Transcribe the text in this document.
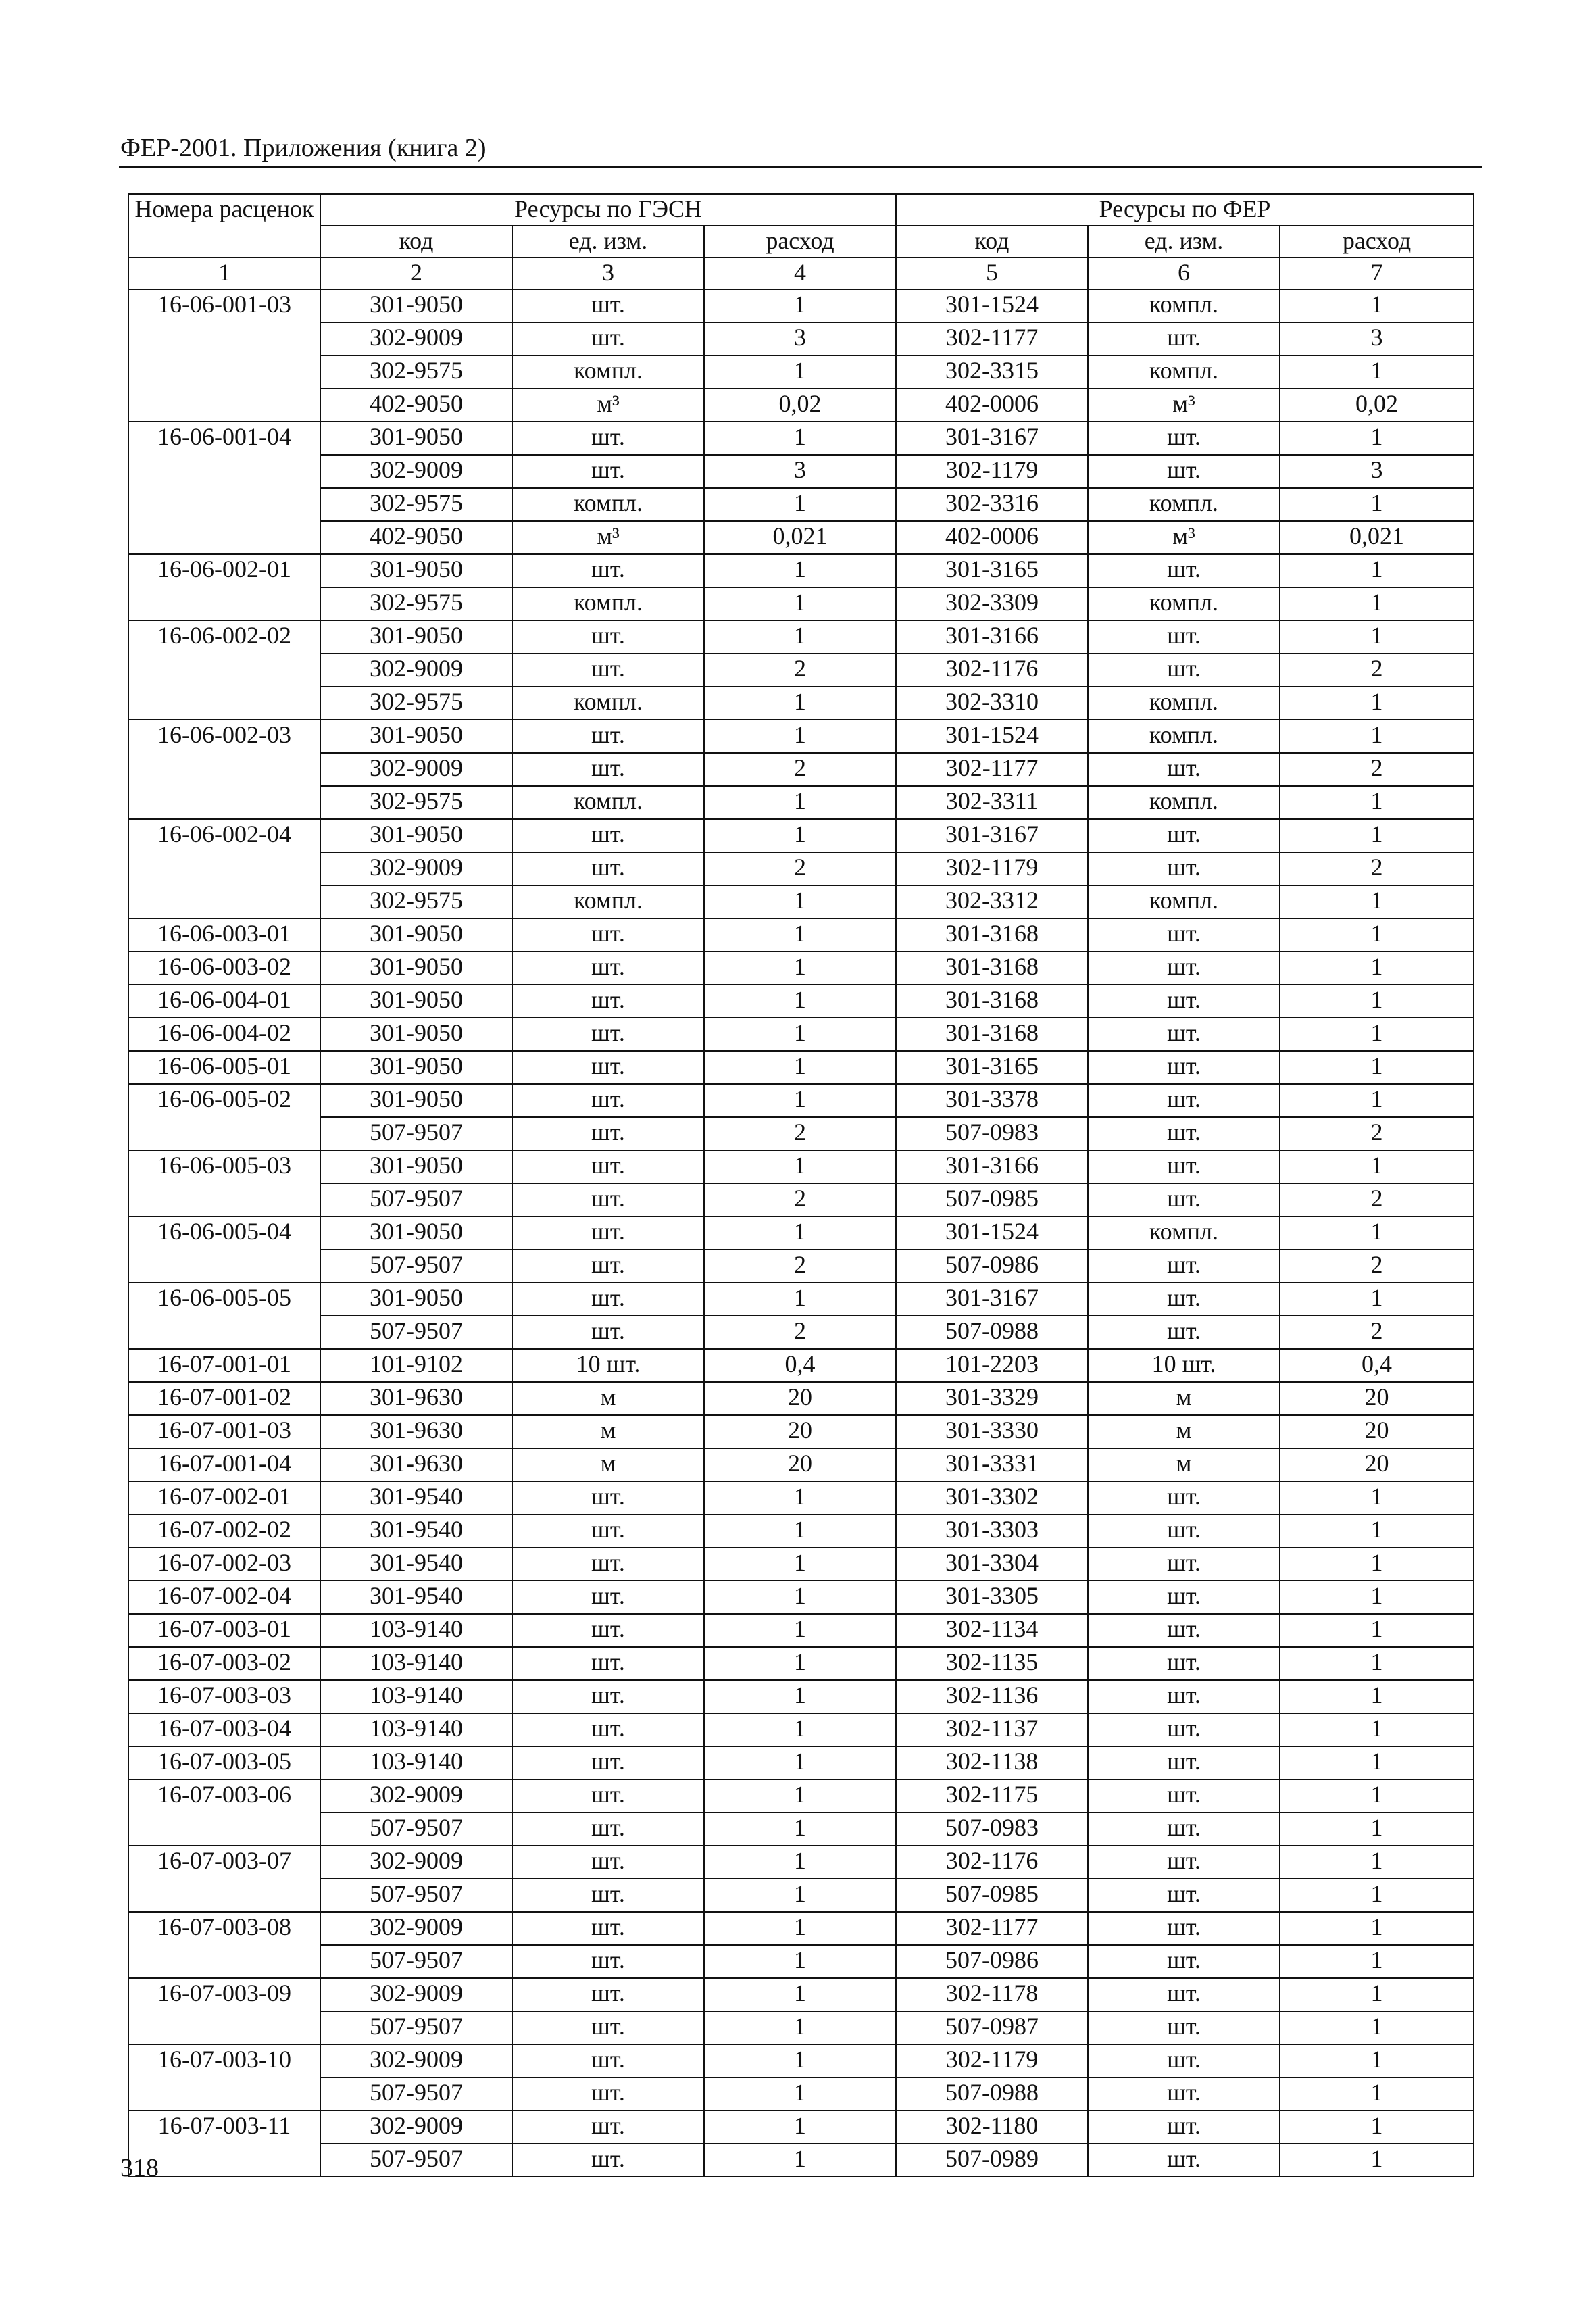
ФЕР-2001. Приложения (книга 2)
Номера расценок	Ресурсы по ГЭСН			Ресурсы по ФЕР		
	код	ед. изм.	расход	код	ед. изм.	расход
1	2	3	4	5	6	7
16-06-001-03	301-9050	шт.	1	301-1524	компл.	1
	302-9009	шт.	3	302-1177	шт.	3
	302-9575	компл.	1	302-3315	компл.	1
	402-9050	м³	0,02	402-0006	м³	0,02
16-06-001-04	301-9050	шт.	1	301-3167	шт.	1
	302-9009	шт.	3	302-1179	шт.	3
	302-9575	компл.	1	302-3316	компл.	1
	402-9050	м³	0,021	402-0006	м³	0,021
16-06-002-01	301-9050	шт.	1	301-3165	шт.	1
	302-9575	компл.	1	302-3309	компл.	1
16-06-002-02	301-9050	шт.	1	301-3166	шт.	1
	302-9009	шт.	2	302-1176	шт.	2
	302-9575	компл.	1	302-3310	компл.	1
16-06-002-03	301-9050	шт.	1	301-1524	компл.	1
	302-9009	шт.	2	302-1177	шт.	2
	302-9575	компл.	1	302-3311	компл.	1
16-06-002-04	301-9050	шт.	1	301-3167	шт.	1
	302-9009	шт.	2	302-1179	шт.	2
	302-9575	компл.	1	302-3312	компл.	1
16-06-003-01	301-9050	шт.	1	301-3168	шт.	1
16-06-003-02	301-9050	шт.	1	301-3168	шт.	1
16-06-004-01	301-9050	шт.	1	301-3168	шт.	1
16-06-004-02	301-9050	шт.	1	301-3168	шт.	1
16-06-005-01	301-9050	шт.	1	301-3165	шт.	1
16-06-005-02	301-9050	шт.	1	301-3378	шт.	1
	507-9507	шт.	2	507-0983	шт.	2
16-06-005-03	301-9050	шт.	1	301-3166	шт.	1
	507-9507	шт.	2	507-0985	шт.	2
16-06-005-04	301-9050	шт.	1	301-1524	компл.	1
	507-9507	шт.	2	507-0986	шт.	2
16-06-005-05	301-9050	шт.	1	301-3167	шт.	1
	507-9507	шт.	2	507-0988	шт.	2
16-07-001-01	101-9102	10 шт.	0,4	101-2203	10 шт.	0,4
16-07-001-02	301-9630	м	20	301-3329	м	20
16-07-001-03	301-9630	м	20	301-3330	м	20
16-07-001-04	301-9630	м	20	301-3331	м	20
16-07-002-01	301-9540	шт.	1	301-3302	шт.	1
16-07-002-02	301-9540	шт.	1	301-3303	шт.	1
16-07-002-03	301-9540	шт.	1	301-3304	шт.	1
16-07-002-04	301-9540	шт.	1	301-3305	шт.	1
16-07-003-01	103-9140	шт.	1	302-1134	шт.	1
16-07-003-02	103-9140	шт.	1	302-1135	шт.	1
16-07-003-03	103-9140	шт.	1	302-1136	шт.	1
16-07-003-04	103-9140	шт.	1	302-1137	шт.	1
16-07-003-05	103-9140	шт.	1	302-1138	шт.	1
16-07-003-06	302-9009	шт.	1	302-1175	шт.	1
	507-9507	шт.	1	507-0983	шт.	1
16-07-003-07	302-9009	шт.	1	302-1176	шт.	1
	507-9507	шт.	1	507-0985	шт.	1
16-07-003-08	302-9009	шт.	1	302-1177	шт.	1
	507-9507	шт.	1	507-0986	шт.	1
16-07-003-09	302-9009	шт.	1	302-1178	шт.	1
	507-9507	шт.	1	507-0987	шт.	1
16-07-003-10	302-9009	шт.	1	302-1179	шт.	1
	507-9507	шт.	1	507-0988	шт.	1
16-07-003-11	302-9009	шт.	1	302-1180	шт.	1
	507-9507	шт.	1	507-0989	шт.	1
318
